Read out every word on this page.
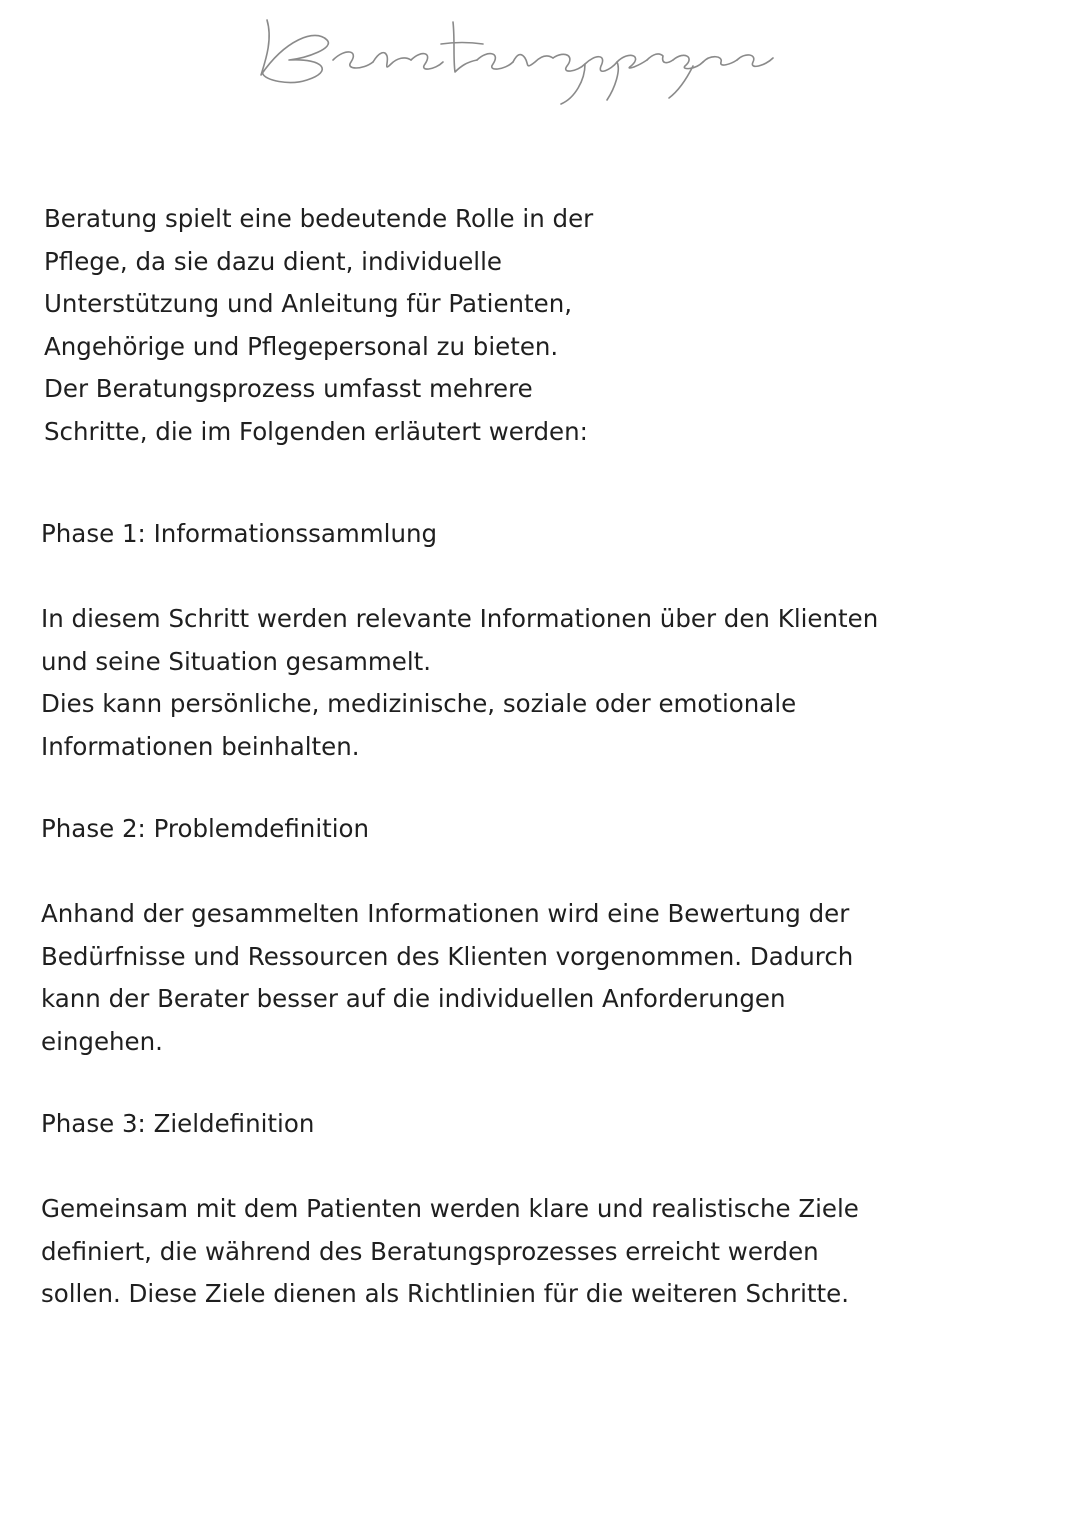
Beratung spielt eine bedeutende Rolle in der
Pflege, da sie dazu dient, individuelle
Unterstützung und Anleitung für Patienten,
Angehörige und Pflegepersonal zu bieten.
Der Beratungsprozess umfasst mehrere
Schritte, die im Folgenden erläutert werden:
Phase 1: Informationssammlung
In diesem Schritt werden relevante Informationen über den Klienten
und seine Situation gesammelt.
Dies kann persönliche, medizinische, soziale oder emotionale
Informationen beinhalten.
Phase 2: Problemdefinition
Anhand der gesammelten Informationen wird eine Bewertung der
Bedürfnisse und Ressourcen des Klienten vorgenommen. Dadurch
kann der Berater besser auf die individuellen Anforderungen
eingehen.
Phase 3: Zieldefinition
Gemeinsam mit dem Patienten werden klare und realistische Ziele
definiert, die während des Beratungsprozesses erreicht werden
sollen. Diese Ziele dienen als Richtlinien für die weiteren Schritte.
